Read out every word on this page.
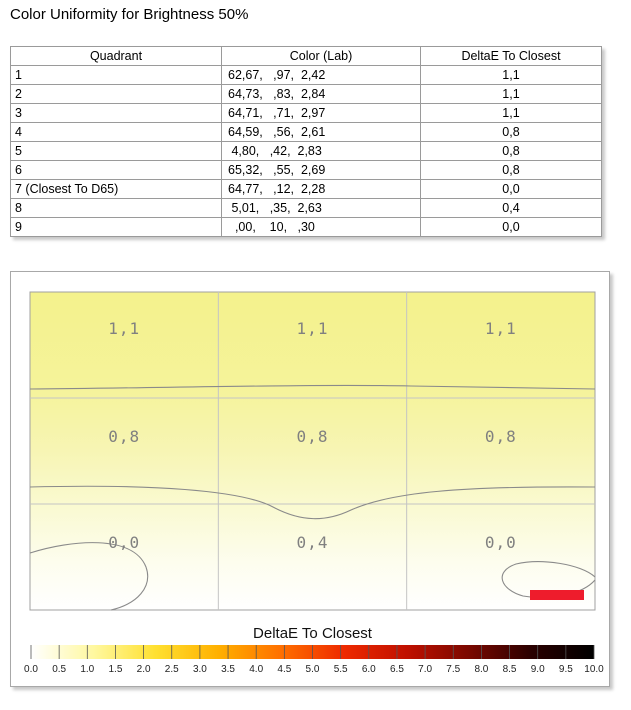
Color Uniformity for Brightness 50%
Quadrant	Color (Lab)	DeltaE To Closest
1	62,67,   ,97,  2,42	1,1
2	64,73,   ,83,  2,84	1,1
3	64,71,   ,71,  2,97	1,1
4	64,59,   ,56,  2,61	0,8
5	4,80,   ,42,  2,83	0,8
6	65,32,   ,55,  2,69	0,8
7 (Closest To D65)	64,77,   ,12,  2,28	0,0
8	5,01,   ,35,  2,63	0,4
9	,00,    10,   ,30	0,0
1,1	1,1	1,1
0,8	0,8	0,8
0,0	0,4	0,0
DeltaE To Closest
0.0 0.5 1.0 1.5 2.0 2.5 3.0 3.5 4.0 4.5 5.0 5.5 6.0 6.5 7.0 7.5 8.0 8.5 9.0 9.5 10.0
